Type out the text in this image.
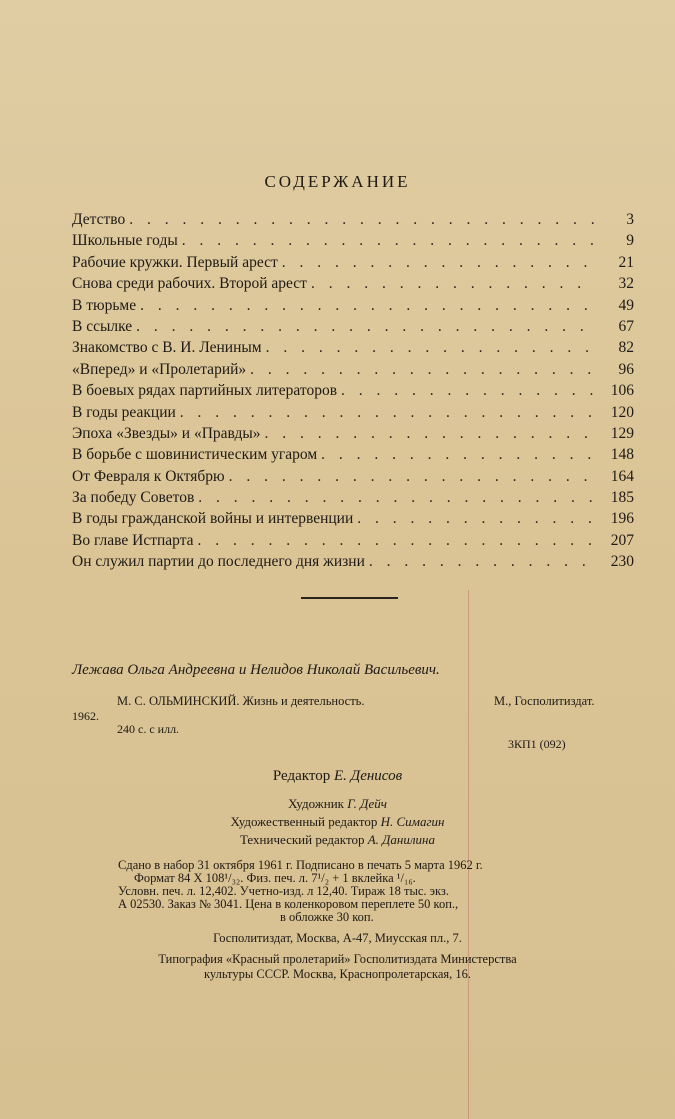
СОДЕРЖАНИЕ
Детство . . .	3
Школьные годы . . .	9
Рабочие кружки. Первый арест . . .	21
Снова среди рабочих. Второй арест . . .	32
В тюрьме . . .	49
В ссылке . . .	67
Знакомство с В. И. Лениным . . .	82
«Вперед» и «Пролетарий» . . .	96
В боевых рядах партийных литераторов . . .	106
В годы реакции . . .	120
Эпоха «Звезды» и «Правды» . . .	129
В борьбе с шовинистическим угаром . . .	148
От Февраля к Октябрю . . .	164
За победу Советов . . .	185
В годы гражданской войны и интервенции . . .	196
Во главе Истпарта . . .	207
Он служил партии до последнего дня жизни . . .	230
Лежава Ольга Андреевна и Нелидов Николай Васильевич.
М. С. ОЛЬМИНСКИЙ. Жизнь и деятельность.	М., Госполитиздат.
1962.
240 с. с илл.
3КП1 (092)
Редактор Е. Денисов
Художник Г. Дейч
Художественный редактор Н. Симагин
Технический редактор А. Данилина
Сдано в набор 31 октября 1961 г. Подписано в печать 5 марта 1962 г.
Формат 84 X 108¹/₃₂. Физ. печ. л. 7¹/₂ + 1 вклейка ¹/₁₆.
Условн. печ. л. 12,402. Учетно-изд. л 12,40. Тираж 18 тыс. экз.
А 02530. Заказ № 3041. Цена в коленкоровом переплете 50 коп.,
в обложке 30 коп.
Госполитиздат, Москва, А-47, Миусская пл., 7.
Типография «Красный пролетарий» Госполитиздата Министерства
культуры СССР. Москва, Краснопролетарская, 16.
